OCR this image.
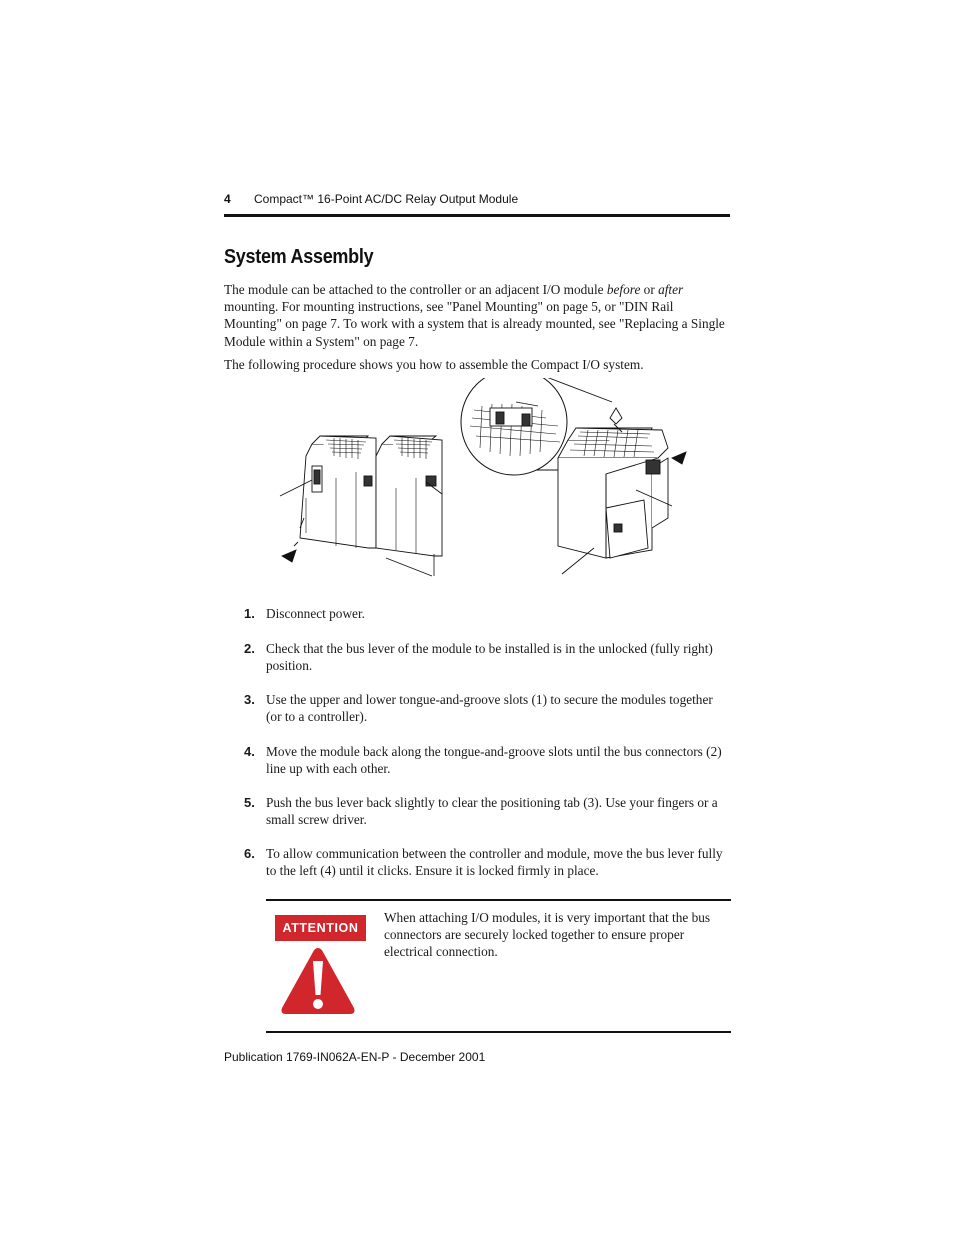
4 Compact™ 16-Point AC/DC Relay Output Module
System Assembly
The module can be attached to the controller or an adjacent I/O module before or after mounting. For mounting instructions, see "Panel Mounting" on page 5, or "DIN Rail Mounting" on page 7. To work with a system that is already mounted, see "Replacing a Single Module within a System" on page 7.
The following procedure shows you how to assemble the Compact I/O system.
1. Disconnect power.
2. Check that the bus lever of the module to be installed is in the unlocked (fully right) position.
3. Use the upper and lower tongue-and-groove slots (1) to secure the modules together (or to a controller).
4. Move the module back along the tongue-and-groove slots until the bus connectors (2) line up with each other.
5. Push the bus lever back slightly to clear the positioning tab (3). Use your fingers or a small screw driver.
6. To allow communication between the controller and module, move the bus lever fully to the left (4) until it clicks. Ensure it is locked firmly in place.
ATTENTION
When attaching I/O modules, it is very important that the bus connectors are securely locked together to ensure proper electrical connection.
Publication 1769-IN062A-EN-P - December 2001
